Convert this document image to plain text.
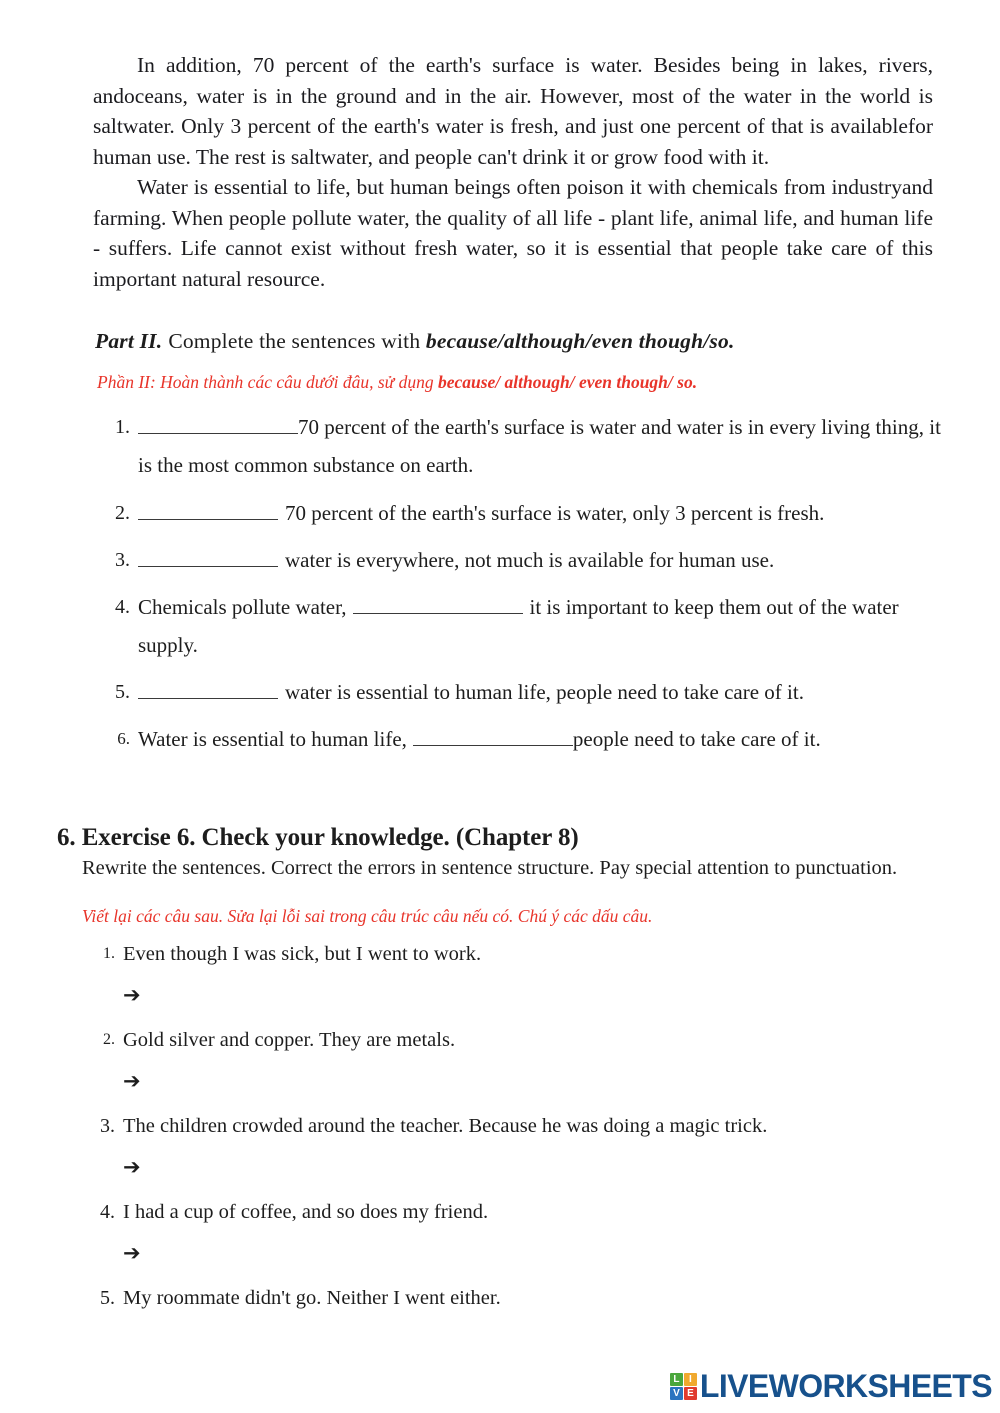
In addition, 70 percent of the earth's surface is water. Besides being in lakes, rivers, andoceans, water is in the ground and in the air. However, most of the water in the world is saltwater. Only 3 percent of the earth's water is fresh, and just one percent of that is availablefor human use. The rest is saltwater, and people can't drink it or grow food with it.

Water is essential to life, but human beings often poison it with chemicals from industryand farming. When people pollute water, the quality of all life - plant life, animal life, and human life - suffers. Life cannot exist without fresh water, so it is essential that people take care of this important natural resource.

Part II. Complete the sentences with because/although/even though/so.
Phần II: Hoàn thành các câu dưới đâu, sử dụng because/ although/ even though/ so.
1.	70 percent of the earth's surface is water and water is in every living thing, it is the most common substance on earth.
2.	70 percent of the earth's surface is water, only 3 percent is fresh.
3.	water is everywhere, not much is available for human use.
4. Chemicals pollute water,	it is important to keep them out of the water supply.
5.	water is essential to human life, people need to take care of it.
6. Water is essential to human life,	people need to take care of it.
6. Exercise 6. Check your knowledge. (Chapter 8)
Rewrite the sentences. Correct the errors in sentence structure. Pay special attention to punctuation.
Viết lại các câu sau. Sửa lại lỗi sai trong câu trúc câu nếu có. Chú ý các dấu câu.
1. Even though I was sick, but I went to work.
➔
2. Gold silver and copper. They are metals.
➔
3. The children crowded around the teacher. Because he was doing a magic trick.
➔
4. I had a cup of coffee, and so does my friend.
➔
5. My roommate didn't go. Neither I went either.
L I
V E LIVEWORKSHEETS
